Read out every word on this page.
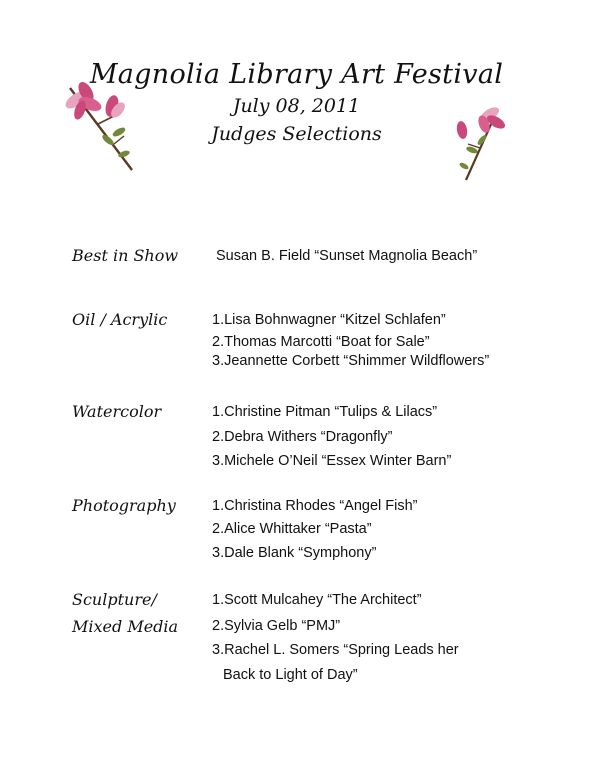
Magnolia Library Art Festival

July 08, 2011

Judges Selections

Best in Show	Susan B. Field “Sunset Magnolia Beach”
Oil / Acrylic	1.Lisa Bohnwagner “Kitzel Schlafen”
2.Thomas Marcotti “Boat for Sale”
3.Jeannette Corbett “Shimmer Wildflowers”
Watercolor	1.Christine Pitman “Tulips & Lilacs”
2.Debra Withers “Dragonfly”
3.Michele O’Neil “Essex Winter Barn”
Photography 1.Christina Rhodes “Angel Fish”
2.Alice Whittaker “Pasta”
3.Dale Blank “Symphony”
Sculpture/
Mixed Media
1.Scott Mulcahey “The Architect”
2.Sylvia Gelb “PMJ”
3.Rachel L. Somers “Spring Leads her
Back to Light of Day”
